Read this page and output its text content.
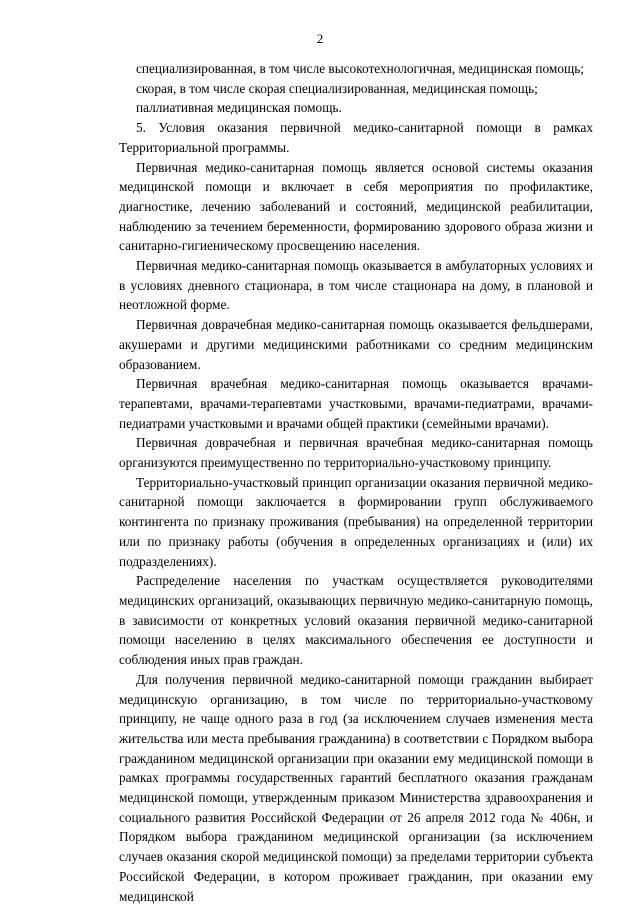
2

специализированная, в том числе высокотехнологичная, медицинская помощь;

скорая, в том числе скорая специализированная, медицинская помощь;

паллиативная медицинская помощь.

5. Условия оказания первичной медико-санитарной помощи в рамках Территориальной программы.

Первичная медико-санитарная помощь является основой системы оказания медицинской помощи и включает в себя мероприятия по профилактике, диагностике, лечению заболеваний и состояний, медицинской реабилитации, наблюдению за течением беременности, формированию здорового образа жизни и санитарно-гигиеническому просвещению населения.

Первичная медико-санитарная помощь оказывается в амбулаторных условиях и в условиях дневного стационара, в том числе стационара на дому, в плановой и неотложной форме.

Первичная доврачебная медико-санитарная помощь оказывается фельдшерами, акушерами и другими медицинскими работниками со средним медицинским образованием.

Первичная врачебная медико-санитарная помощь оказывается врачами-терапевтами, врачами-терапевтами участковыми, врачами-педиатрами, врачами-педиатрами участковыми и врачами общей практики (семейными врачами).

Первичная доврачебная и первичная врачебная медико-санитарная помощь организуются преимущественно по территориально-участковому принципу.

Территориально-участковый принцип организации оказания первичной медико-санитарной помощи заключается в формировании групп обслуживаемого контингента по признаку проживания (пребывания) на определенной территории или по признаку работы (обучения в определенных организациях и (или) их подразделениях).

Распределение населения по участкам осуществляется руководителями медицинских организаций, оказывающих первичную медико-санитарную помощь, в зависимости от конкретных условий оказания первичной медико-санитарной помощи населению в целях максимального обеспечения ее доступности и соблюдения иных прав граждан.

Для получения первичной медико-санитарной помощи гражданин выбирает медицинскую организацию, в том числе по территориально-участковому принципу, не чаще одного раза в год (за исключением случаев изменения места жительства или места пребывания гражданина) в соответствии с Порядком выбора гражданином медицинской организации при оказании ему медицинской помощи в рамках программы государственных гарантий бесплатного оказания гражданам медицинской помощи, утвержденным приказом Министерства здравоохранения и социального развития Российской Федерации от 26 апреля 2012 года № 406н, и Порядком выбора гражданином медицинской организации (за исключением случаев оказания скорой медицинской помощи) за пределами территории субъекта Российской Федерации, в котором проживает гражданин, при оказании ему медицинской
